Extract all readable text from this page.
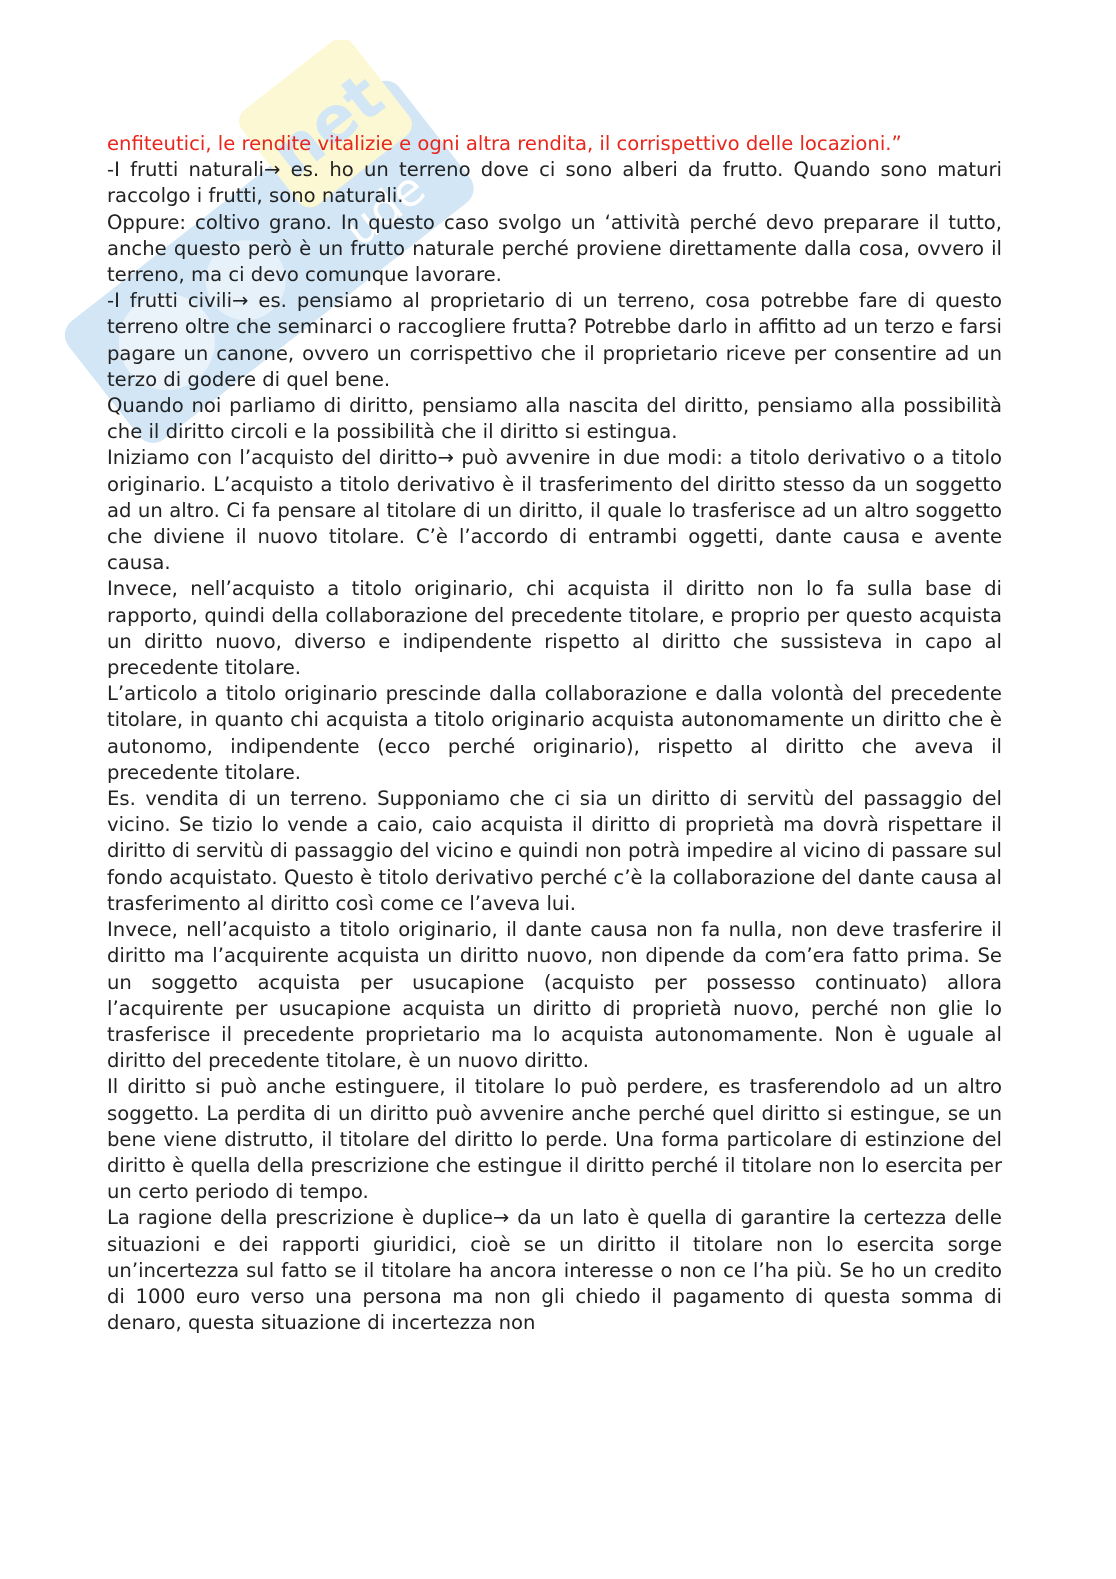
net
ude

enfiteutici, le rendite vitalizie e ogni altra rendita, il corrispettivo delle locazioni.”

-I frutti naturali→ es. ho un terreno dove ci sono alberi da frutto. Quando sono maturi raccolgo i frutti, sono naturali.

Oppure: coltivo grano. In questo caso svolgo un ‘attività perché devo preparare il tutto, anche questo però è un frutto naturale perché proviene direttamente dalla cosa, ovvero il terreno, ma ci devo comunque lavorare.

-I frutti civili→ es. pensiamo al proprietario di un terreno, cosa potrebbe fare di questo terreno oltre che seminarci o raccogliere frutta? Potrebbe darlo in affitto ad un terzo e farsi pagare un canone, ovvero un corrispettivo che il proprietario riceve per consentire ad un terzo di godere di quel bene.

Quando noi parliamo di diritto, pensiamo alla nascita del diritto, pensiamo alla possibilità che il diritto circoli e la possibilità che il diritto si estingua.

Iniziamo con l’acquisto del diritto→ può avvenire in due modi: a titolo derivativo o a titolo originario. L’acquisto a titolo derivativo è il trasferimento del diritto stesso da un soggetto ad un altro. Ci fa pensare al titolare di un diritto, il quale lo trasferisce ad un altro soggetto che diviene il nuovo titolare. C’è l’accordo di entrambi oggetti, dante causa e avente causa.

Invece, nell’acquisto a titolo originario, chi acquista il diritto non lo fa sulla base di rapporto, quindi della collaborazione del precedente titolare, e proprio per questo acquista un diritto nuovo, diverso e indipendente rispetto al diritto che sussisteva in capo al precedente titolare.

L’articolo a titolo originario prescinde dalla collaborazione e dalla volontà del precedente titolare, in quanto chi acquista a titolo originario acquista autonomamente un diritto che è autonomo, indipendente (ecco perché originario), rispetto al diritto che aveva il precedente titolare.

Es. vendita di un terreno. Supponiamo che ci sia un diritto di servitù del passaggio del vicino. Se tizio lo vende a caio, caio acquista il diritto di proprietà ma dovrà rispettare il diritto di servitù di passaggio del vicino e quindi non potrà impedire al vicino di passare sul fondo acquistato. Questo è titolo derivativo perché c’è la collaborazione del dante causa al trasferimento al diritto così come ce l’aveva lui.

Invece, nell’acquisto a titolo originario, il dante causa non fa nulla, non deve trasferire il diritto ma l’acquirente acquista un diritto nuovo, non dipende da com’era fatto prima. Se un soggetto acquista per usucapione (acquisto per possesso continuato) allora l’acquirente per usucapione acquista un diritto di proprietà nuovo, perché non glie lo trasferisce il precedente proprietario ma lo acquista autonomamente. Non è uguale al diritto del precedente titolare, è un nuovo diritto.

Il diritto si può anche estinguere, il titolare lo può perdere, es trasferendolo ad un altro soggetto. La perdita di un diritto può avvenire anche perché quel diritto si estingue, se un bene viene distrutto, il titolare del diritto lo perde. Una forma particolare di estinzione del diritto è quella della prescrizione che estingue il diritto perché il titolare non lo esercita per un certo periodo di tempo.

La ragione della prescrizione è duplice→ da un lato è quella di garantire la certezza delle situazioni e dei rapporti giuridici, cioè se un diritto il titolare non lo esercita sorge un’incertezza sul fatto se il titolare ha ancora interesse o non ce l’ha più. Se ho un credito di 1000 euro verso una persona ma non gli chiedo il pagamento di questa somma di denaro, questa situazione di incertezza non
